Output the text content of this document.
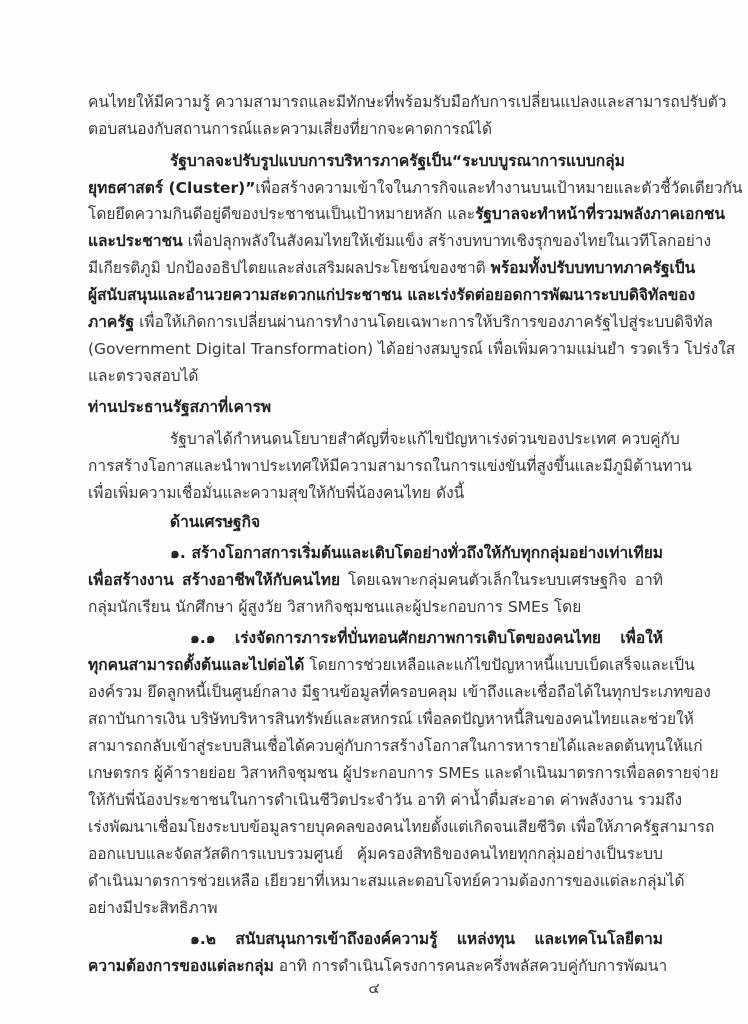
๔
คนไทยให้มีความรู้ ความสามารถและมีทักษะที่พร้อมรับมือกับการเปลี่ยนแปลงและสามารถปรับตัว
ตอบสนองกับสถานการณ์และความเสี่ยงที่ยากจะคาดการณ์ได้
รัฐบาลจะปรับรูปแบบการบริหารภาครัฐเป็น“ระบบบูรณาการแบบกลุ่ม
ยุทธศาสตร์ (Cluster)”เพื่อสร้างความเข้าใจในภารกิจและทำงานบนเป้าหมายและตัวชี้วัดเดียวกัน
โดยยึดความกินดีอยู่ดีของประชาชนเป็นเป้าหมายหลัก และรัฐบาลจะทำหน้าที่รวมพลังภาคเอกชน
และประชาชน เพื่อปลุกพลังในสังคมไทยให้เข้มแข็ง สร้างบทบาทเชิงรุกของไทยในเวทีโลกอย่าง
มีเกียรติภูมิ ปกป้องอธิปไตยและส่งเสริมผลประโยชน์ของชาติ พร้อมทั้งปรับบทบาทภาครัฐเป็น
ผู้สนับสนุนและอำนวยความสะดวกแก่ประชาชน และเร่งรัดต่อยอดการพัฒนาระบบดิจิทัลของ
ภาครัฐ เพื่อให้เกิดการเปลี่ยนผ่านการทำงานโดยเฉพาะการให้บริการของภาครัฐไปสู่ระบบดิจิทัล
(Government Digital Transformation) ได้อย่างสมบูรณ์ เพื่อเพิ่มความแม่นยำ รวดเร็ว โปร่งใส
และตรวจสอบได้
ท่านประธานรัฐสภาที่เคารพ
รัฐบาลได้กำหนดนโยบายสำคัญที่จะแก้ไขปัญหาเร่งด่วนของประเทศ ควบคู่กับ
การสร้างโอกาสและนำพาประเทศให้มีความสามารถในการแข่งขันที่สูงขึ้นและมีภูมิต้านทาน
เพื่อเพิ่มความเชื่อมั่นและความสุขให้กับพี่น้องคนไทย ดังนี้
ด้านเศรษฐกิจ
๑. สร้างโอกาสการเริ่มต้นและเติบโตอย่างทั่วถึงให้กับทุกกลุ่มอย่างเท่าเทียม
เพื่อสร้างงาน สร้างอาชีพให้กับคนไทย โดยเฉพาะกลุ่มคนตัวเล็กในระบบเศรษฐกิจ อาทิ
กลุ่มนักเรียน นักศึกษา ผู้สูงวัย วิสาหกิจชุมชนและผู้ประกอบการ SMEs โดย
๑.๑ เร่งจัดการภาระที่บั่นทอนศักยภาพการเติบโตของคนไทย เพื่อให้
ทุกคนสามารถตั้งต้นและไปต่อได้ โดยการช่วยเหลือและแก้ไขปัญหาหนี้แบบเบ็ดเสร็จและเป็น
องค์รวม ยึดลูกหนี้เป็นศูนย์กลาง มีฐานข้อมูลที่ครอบคลุม เข้าถึงและเชื่อถือได้ในทุกประเภทของ
สถาบันการเงิน บริษัทบริหารสินทรัพย์และสหกรณ์ เพื่อลดปัญหาหนี้สินของคนไทยและช่วยให้
สามารถกลับเข้าสู่ระบบสินเชื่อได้ควบคู่กับการสร้างโอกาสในการหารายได้และลดต้นทุนให้แก่
เกษตรกร ผู้ค้ารายย่อย วิสาหกิจชุมชน ผู้ประกอบการ SMEs และดำเนินมาตรการเพื่อลดรายจ่าย
ให้กับพี่น้องประชาชนในการดำเนินชีวิตประจำวัน อาทิ ค่าน้ำดื่มสะอาด ค่าพลังงาน รวมถึง
เร่งพัฒนาเชื่อมโยงระบบข้อมูลรายบุคคลของคนไทยตั้งแต่เกิดจนเสียชีวิต เพื่อให้ภาครัฐสามารถ
ออกแบบและจัดสวัสดิการแบบรวมศูนย์ คุ้มครองสิทธิของคนไทยทุกกลุ่มอย่างเป็นระบบ
ดำเนินมาตรการช่วยเหลือ เยียวยาที่เหมาะสมและตอบโจทย์ความต้องการของแต่ละกลุ่มได้
อย่างมีประสิทธิภาพ
๑.๒ สนับสนุนการเข้าถึงองค์ความรู้ แหล่งทุน และเทคโนโลยีตาม
ความต้องการของแต่ละกลุ่ม อาทิ การดำเนินโครงการคนละครึ่งพลัสควบคู่กับการพัฒนา
